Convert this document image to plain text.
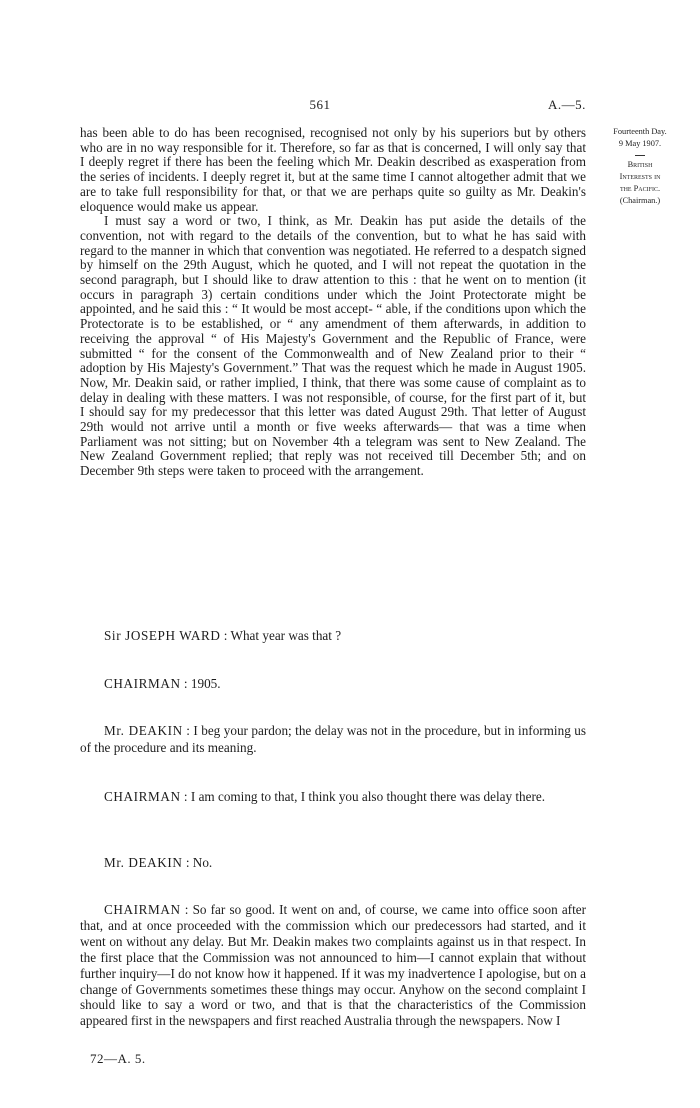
561	A.—5.
Fourteenth Day.
9 May 1907.
British
Interests in
the Pacific.
(Chairman.)

has been able to do has been recognised, recognised not only by his superiors but by others who are in no way responsible for it. Therefore, so far as that is concerned, I will only say that I deeply regret if there has been the feeling which Mr. Deakin described as exasperation from the series of incidents. I deeply regret it, but at the same time I cannot altogether admit that we are to take full responsibility for that, or that we are perhaps quite so guilty as Mr. Deakin's eloquence would make us appear.

I must say a word or two, I think, as Mr. Deakin has put aside the details of the convention, not with regard to the details of the convention, but to what he has said with regard to the manner in which that convention was negotiated. He referred to a despatch signed by himself on the 29th August, which he quoted, and I will not repeat the quotation in the second paragraph, but I should like to draw attention to this : that he went on to mention (it occurs in paragraph 3) certain conditions under which the Joint Protectorate might be appointed, and he said this : “ It would be most accept- “ able, if the conditions upon which the Protectorate is to be established, or “ any amendment of them afterwards, in addition to receiving the approval “ of His Majesty's Government and the Republic of France, were submitted “ for the consent of the Commonwealth and of New Zealand prior to their “ adoption by His Majesty's Government.” That was the request which he made in August 1905. Now, Mr. Deakin said, or rather implied, I think, that there was some cause of complaint as to delay in dealing with these matters. I was not responsible, of course, for the first part of it, but I should say for my predecessor that this letter was dated August 29th. That letter of August 29th would not arrive until a month or five weeks afterwards— that was a time when Parliament was not sitting; but on November 4th a telegram was sent to New Zealand. The New Zealand Government replied; that reply was not received till December 5th; and on December 9th steps were taken to proceed with the arrangement.

Sir JOSEPH WARD : What year was that ?

CHAIRMAN : 1905.

Mr. DEAKIN : I beg your pardon; the delay was not in the procedure, but in informing us of the procedure and its meaning.

CHAIRMAN : I am coming to that, I think you also thought there was delay there.

Mr. DEAKIN : No.

CHAIRMAN : So far so good. It went on and, of course, we came into office soon after that, and at once proceeded with the commission which our predecessors had started, and it went on without any delay. But Mr. Deakin makes two complaints against us in that respect. In the first place that the Commission was not announced to him—I cannot explain that without further inquiry—I do not know how it happened. If it was my inadvertence I apologise, but on a change of Governments sometimes these things may occur. Anyhow on the second complaint I should like to say a word or two, and that is that the characteristics of the Commission appeared first in the newspapers and first reached Australia through the newspapers. Now I

72—A. 5.
